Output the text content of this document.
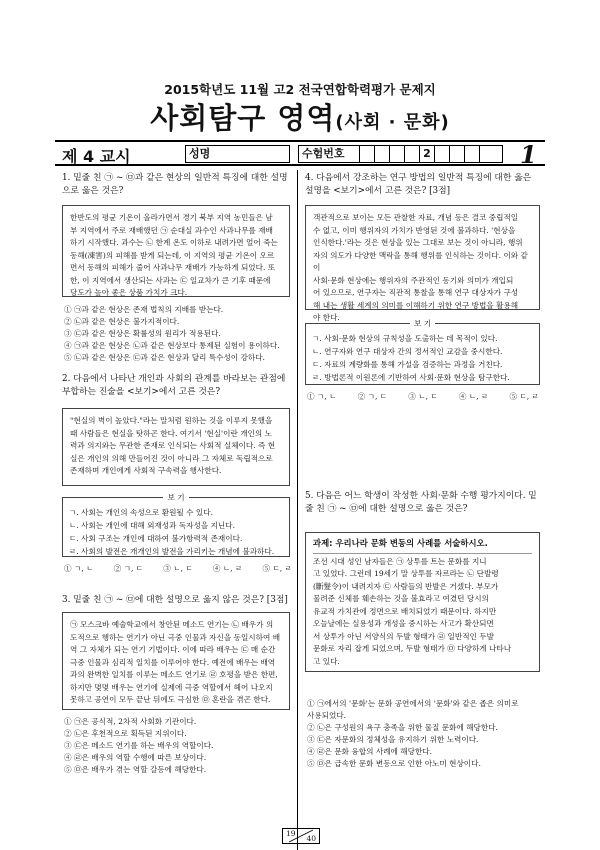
2015학년도 11월 고2 전국연합학력평가 문제지
사회탐구 영역(사회 · 문화)
제 4 교시	성명	수험번호	2	1
1. 밑줄 친 ㉠ ~ ㉤과 같은 현상의 일반적 특징에 대한 설명으로 옳은 것은?
한반도의 평균 기온이 올라가면서 경기 북부 지역 농민들은 남
부 지역에서 주로 재배했던 ㉠ 순대실 과수인 사과나무를 재배
하기 시작했다. 과수는 ㉡ 한계 온도 이하로 내려가면 얼어 죽는
동해(凍害)의 피해를 받게 되는데, 이 지역의 평균 기온이 오르
면서 동해의 피해가 줄어 사과나무 재배가 가능하게 되었다. 또
한, 이 지역에서 생산되는 사과는 ㉢ 일교차가 큰 기후 때문에
당도가 높아 좋은 상품 가치가 크다.
① ㉠과 같은 현상은 존재 법칙의 지배를 받는다.
② ㉡과 같은 현상은 불가지적이다.
③ ㉢과 같은 현상은 확률성의 원리가 적용된다.
④ ㉠과 같은 현상은 ㉡과 같은 현상보다 통제된 실험이 용이하다.
⑤ ㉡과 같은 현상은 ㉢과 같은 현상과 달리 특수성이 강하다.
2. 다음에서 나타난 개인과 사회의 관계를 바라보는 관점에 부합하는 진술을 <보기>에서 고른 것은?
"현실의 벽이 높았다."라는 말처럼 원하는 것을 이루지 못했을
때 사람들은 현실을 탓하곤 한다. 여기서 '현실'이란 개인의 노
력과 의지와는 무관한 존재로 인식되는 사회적 실체이다. 즉 현
실은 개인의 의해 만들어진 것이 아니라 그 자체로 독립적으로
존재하며 개인에게 사회적 구속력을 행사한다.
보 기
ㄱ. 사회는 개인의 속성으로 환원될 수 있다.
ㄴ. 사회는 개인에 대해 외재성과 독자성을 지닌다.
ㄷ. 사회 구조는 개인에 대하여 불가항력적 존재이다.
ㄹ. 사회의 발전은 개개인의 발전을 가리키는 개념에 불과하다.
① ㄱ, ㄴ	② ㄱ, ㄷ	③ ㄴ, ㄷ	④ ㄴ, ㄹ	⑤ ㄷ, ㄹ
3. 밑줄 친 ㉠ ~ ㉤에 대한 설명으로 옳지 않은 것은? [3점]
㉠ 모스크바 예술학교에서 창안된 메소드 연기는 ㉡ 배우가 의
도적으로 행하는 연기가 아닌 극중 인물과 자신을 동일시하여 배
역 그 자체가 되는 연기 기법이다. 이에 따라 배우는 ㉢ 매 순간
극중 인물과 심리적 일치를 이루어야 한다. 예전에 배우는 배역
과의 완벽한 일치를 이루는 메소드 연기로 ㉣ 호평을 받은 한편,
하지만 몇몇 배우는 연기에 실제에 극중 역할에서 헤어 나오지
못하고 공연이 모두 끝난 뒤에도 극심한 ㉤ 혼란을 겪곤 한다.
① ㉠은 공식적, 2차적 사회화 기관이다.
② ㉡은 후천적으로 획득된 지위이다.
③ ㉢은 메소드 연기를 하는 배우의 역할이다.
④ ㉣은 배우의 역할 수행에 따른 보상이다.
⑤ ㉤은 배우가 겪는 역할 갈등에 해당한다.
4. 다음에서 강조하는 연구 방법의 일반적 특징에 대한 옳은 설명을 <보기>에서 고른 것은? [3점]
객관적으로 보이는 모든 관찰한 자료, 개념 등은 결코 중립적일
수 없고, 이미 행위자의 가치가 반영된 것에 불과하다. '현상을
인식한다.'라는 것은 현상을 있는 그대로 보는 것이 아니라, 행위
자의 의도가 다양한 맥락을 통해 행위를 인식하는 것이다. 이와 같이
사회·문화 현상에는 행위자의 주관적인 동기와 의미가 개입되
어 있으므로, 연구자는 직관적 통찰을 통해 연구 대상자가 구성
해 내는 생활 세계의 의미를 이해하기 위한 연구 방법을 활용해
야 한다.
보 기
ㄱ. 사회·문화 현상의 규칙성을 도출하는 데 목적이 있다.
ㄴ. 연구자와 연구 대상자 간의 정서적인 교감을 중시한다.
ㄷ. 자료의 계량화를 통해 가설을 검증하는 과정을 거친다.
ㄹ. 방법론적 이원론에 기반하여 사회·문화 현상을 탐구한다.
① ㄱ, ㄴ	② ㄱ, ㄷ	③ ㄴ, ㄷ	④ ㄴ, ㄹ	⑤ ㄷ, ㄹ
5. 다음은 어느 학생이 작성한 사회·문화 수행 평가지이다. 밑줄 친 ㉠ ~ ㉤에 대한 설명으로 옳은 것은?
과제: 우리나라 문화 변동의 사례를 서술하시오.
조선 시대 성인 남자들은 ㉠ 상투를 트는 문화를 지니
고 있었다. 그런데 19세기 말 상투를 자르라는 ㉡ 단발령
(斷髮令)이 내려지자 ㉢ 사람들의 반발은 거셌다. 부모가
물려준 신체를 훼손하는 것을 불효라고 여겼던 당시의
유교적 가치관에 정면으로 배치되었기 때문이다. 하지만
오늘날에는 실용성과 개성을 중시하는 사고가 확산되면
서 상투가 아닌 서양식의 두발 형태가 ㉣ 일반적인 두발
문화로 자리 잡게 되었으며, 두발 형태가 ㉤ 다양하게 나타나
고 있다.
① ㉠에서의 '문화'는 문화 공연에서의 '문화'와 같은 좁은 의미로
사용되었다.
② ㉡은 구성원의 욕구 충족을 위한 물질 문화에 해당한다.
③ ㉢은 자문화의 정체성을 유지하기 위한 노력이다.
④ ㉣은 문화 융합의 사례에 해당한다.
⑤ ㉤은 급속한 문화 변동으로 인한 아노미 현상이다.
19
40
